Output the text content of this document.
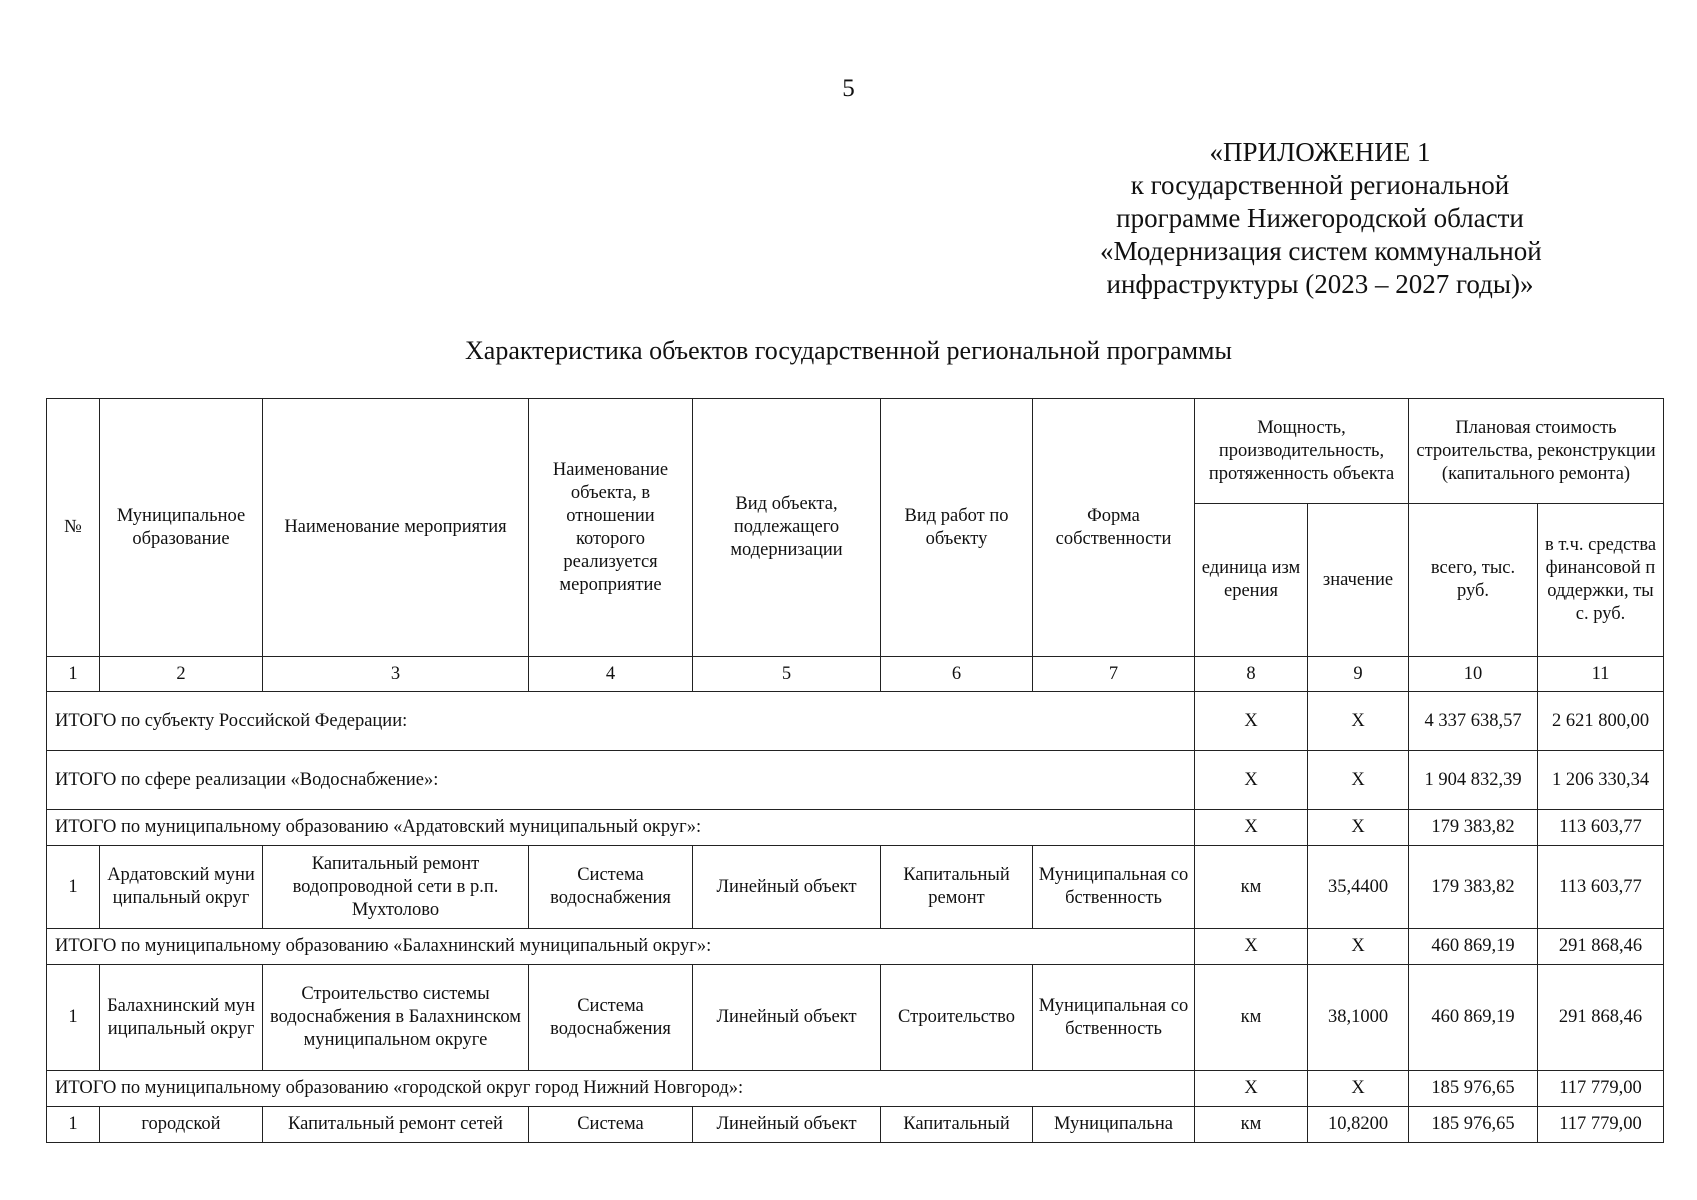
5
«ПРИЛОЖЕНИЕ 1
к государственной региональной
программе Нижегородской области
«Модернизация систем коммунальной
инфраструктуры (2023 – 2027 годы)»
Характеристика объектов государственной региональной программы
№	Муниципальное образование	Наименование мероприятия	Наименование объекта, в отношении которого реализуется мероприятие	Вид объекта, подлежащего модернизации	Вид работ по объекту	Форма собственности	Мощность, производительность, протяженность объекта		Плановая стоимость строительства, реконструкции (капитального ремонта)	
							единица измерения	значение	всего, тыс. руб.	в т.ч. средства финансовой поддержки, тыс. руб.
1	2	3	4	5	6	7	8	9	10	11
ИТОГО по субъекту Российской Федерации:							Х	Х	4 337 638,57	2 621 800,00
ИТОГО по сфере реализации «Водоснабжение»:							Х	Х	1 904 832,39	1 206 330,34
ИТОГО по муниципальному образованию «Ардатовский муниципальный округ»:							Х	Х	179 383,82	113 603,77
1	Ардатовский муниципальный округ	Капитальный ремонт водопроводной сети в р.п. Мухтолово	Система водоснабжения	Линейный объект	Капитальный ремонт	Муниципальная собственность	км	35,4400	179 383,82	113 603,77
ИТОГО по муниципальному образованию «Балахнинский муниципальный округ»:							Х	Х	460 869,19	291 868,46
1	Балахнинский муниципальный округ	Строительство системы водоснабжения в Балахнинском муниципальном округе	Система водоснабжения	Линейный объект	Строительство	Муниципальная собственность	км	38,1000	460 869,19	291 868,46
ИТОГО по муниципальному образованию «городской округ город Нижний Новгород»:							Х	Х	185 976,65	117 779,00
1	городской	Капитальный ремонт сетей	Система	Линейный объект	Капитальный	Муниципальна	км	10,8200	185 976,65	117 779,00
